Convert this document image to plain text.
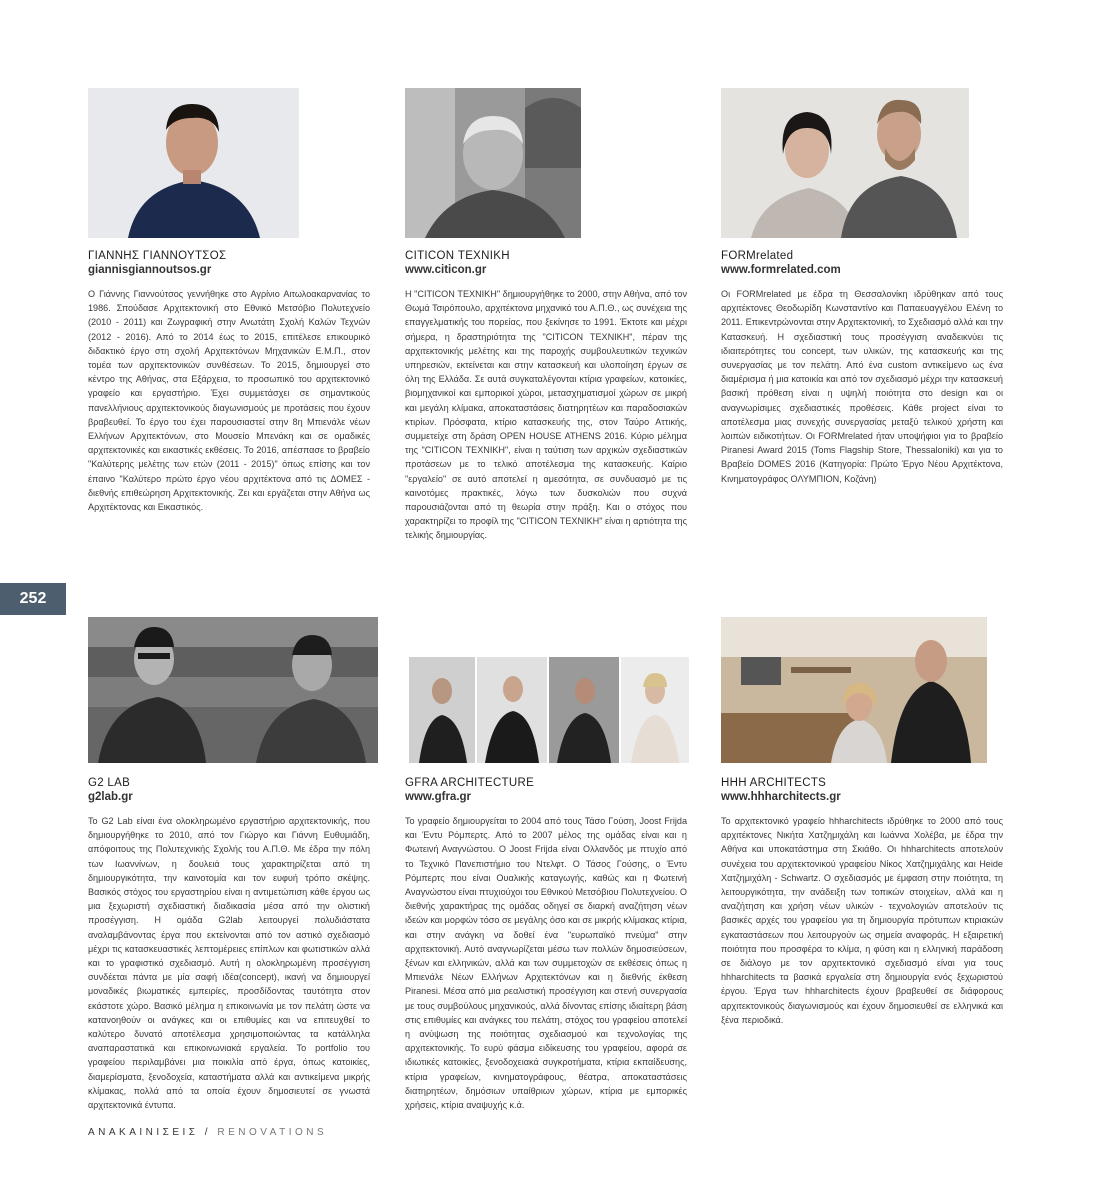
ΓΙΑΝΝΗΣ ΓΙΑΝΝΟΥΤΣΟΣ
giannisgiannoutsos.gr

Ο Γιάννης Γιαννούτσος γεννήθηκε στο Αγρίνιο Αιτωλοακαρνανίας το 1986. Σπούδασε Αρχιτεκτονική στο Εθνικό Μετσόβιο Πολυτεχνείο (2010 - 2011) και Ζωγραφική στην Ανωτάτη Σχολή Καλών Τεχνών (2012 - 2016). Από το 2014 έως το 2015, επιτέλεσε επικουρικό διδακτικό έργο στη σχολή Αρχιτεκτόνων Μηχανικών Ε.Μ.Π., στον τομέα των αρχιτεκτονικών συνθέσεων. Το 2015, δημιουργεί στο κέντρο της Αθήνας, στα Εξάρχεια, το προσωπικό του αρχιτεκτονικό γραφείο και εργαστήριο. Έχει συμμετάσχει σε σημαντικούς πανελλήνιους αρχιτεκτονικούς διαγωνισμούς με προτάσεις που έχουν βραβευθεί. Το έργο του έχει παρουσιαστεί στην 8η Μπιενάλε νέων Ελλήνων Αρχιτεκτόνων, στο Μουσείο Μπενάκη και σε ομαδικές αρχιτεκτονικές και εικαστικές εκθέσεις. Το 2016, απέσπασε το βραβείο "Καλύτερης μελέτης των ετών (2011 - 2015)" όπως επίσης και τον έπαινο "Καλύτερο πρώτο έργο νέου αρχιτέκτονα από τις ΔΟΜΕΣ - διεθνής επιθεώρηση Αρχιτεκτονικής. Ζει και εργάζεται στην Αθήνα ως Αρχιτέκτονας και Εικαστικός.

CITICON ΤΕΧΝΙΚΗ
www.citicon.gr

Η "CITICON ΤΕΧΝΙΚΗ" δημιουργήθηκε το 2000, στην Αθήνα, από τον Θωμά Τσιρόπουλο, αρχιτέκτονα μηχανικό του Α.Π.Θ., ως συνέχεια της επαγγελματικής του πορείας, που ξεκίνησε το 1991. Έκτοτε και μέχρι σήμερα, η δραστηριότητα της "CITICON ΤΕΧΝΙΚΗ", πέραν της αρχιτεκτονικής μελέτης και της παροχής συμβουλευτικών τεχνικών υπηρεσιών, εκτείνεται και στην κατασκευή και υλοποίηση έργων σε όλη της Ελλάδα. Σε αυτά συγκαταλέγονται κτίρια γραφείων, κατοικίες, βιομηχανικοί και εμπορικοί χώροι, μετασχηματισμοί χώρων σε μικρή και μεγάλη κλίμακα, αποκαταστάσεις διατηρητέων και παραδοσιακών κτιρίων. Πρόσφατα, κτίριο κατασκευής της, στον Ταύρο Αττικής, συμμετείχε στη δράση OPEN HOUSE ATHENS 2016. Κύριο μέλημα της "CITICON ΤΕΧΝΙΚΗ", είναι η ταύτιση των αρχικών σχεδιαστικών προτάσεων με το τελικό αποτέλεσμα της κατασκευής. Καίριο "εργαλείο" σε αυτό αποτελεί η αμεσότητα, σε συνδυασμό με τις καινοτόμες πρακτικές, λόγω των δυσκολιών που συχνά παρουσιάζονται από τη θεωρία στην πράξη. Και ο στόχος που χαρακτηρίζει το προφίλ της "CITICON ΤΕΧΝΙΚΗ" είναι η αρτιότητα της τελικής δημιουργίας.

FORMrelated
www.formrelated.com

Οι FORMrelated με έδρα τη Θεσσαλονίκη ιδρύθηκαν από τους αρχιτέκτονες Θεοδωρίδη Κωνσταντίνο και Παπαευαγγέλου Ελένη το 2011. Επικεντρώνονται στην Αρχιτεκτονική, το Σχεδιασμό αλλά και την Κατασκευή. Η σχεδιαστική τους προσέγγιση αναδεικνύει τις ιδιαιτερότητες του concept, των υλικών, της κατασκευής και της συνεργασίας με τον πελάτη. Από ένα custom αντικείμενο ως ένα διαμέρισμα ή μια κατοικία και από τον σχεδιασμό μέχρι την κατασκευή βασική πρόθεση είναι η υψηλή ποιότητα στο design και οι αναγνωρίσιμες σχεδιαστικές προθέσεις. Κάθε project είναι το αποτέλεσμα μιας συνεχής συνεργασίας μεταξύ τελικού χρήστη και λοιπών ειδικοτήτων. Οι FORMrelated ήταν υποψήφιοι για το βραβείο Piranesi Award 2015 (Toms Flagship Store, Thessaloniki) και για το Βραβείο DOMES 2016 (Κατηγορία: Πρώτο Έργο Νέου Αρχιτέκτονα, Κινηματογράφος ΟΛΥΜΠΙΟΝ, Κοζάνη)

252
G2 LAB
g2lab.gr

Το G2 Lab είναι ένα ολοκληρωμένο εργαστήριο αρχιτεκτονικής, που δημιουργήθηκε το 2010, από τον Γιώργο και Γιάννη Ευθυμιάδη, απόφοιτους της Πολυτεχνικής Σχολής του Α.Π.Θ. Με έδρα την πόλη των Ιωαννίνων, η δουλειά τους χαρακτηρίζεται από τη δημιουργικότητα, την καινοτομία και τον ευφυή τρόπο σκέψης. Βασικός στόχος του εργαστηρίου είναι η αντιμετώπιση κάθε έργου ως μια ξεχωριστή σχεδιαστική διαδικασία μέσα από την ολιστική προσέγγιση. Η ομάδα G2lab λειτουργεί πολυδιάστατα αναλαμβάνοντας έργα που εκτείνονται από τον αστικό σχεδιασμό μέχρι τις κατασκευαστικές λεπτομέρειες επίπλων και φωτιστικών αλλά και το γραφιστικό σχεδιασμό. Αυτή η ολοκληρωμένη προσέγγιση συνδέεται πάντα με μία σαφή ιδέα(concept), ικανή να δημιουργεί μοναδικές βιωματικές εμπειρίες, προσδίδοντας ταυτότητα στον εκάστοτε χώρο. Βασικό μέλημα η επικοινωνία με τον πελάτη ώστε να κατανοηθούν οι ανάγκες και οι επιθυμίες και να επιτευχθεί το καλύτερο δυνατό αποτέλεσμα χρησιμοποιώντας τα κατάλληλα αναπαραστατικά και επικοινωνιακά εργαλεία. Το portfolio του γραφείου περιλαμβάνει μια ποικιλία από έργα, όπως κατοικίες, διαμερίσματα, ξενοδοχεία, καταστήματα αλλά και αντικείμενα μικρής κλίμακας, πολλά από τα οποία έχουν δημοσιευτεί σε γνωστά αρχιτεκτονικά έντυπα.

GFRA ARCHITECTURE
www.gfra.gr

Το γραφείο δημιουργείται το 2004 από τους Τάσο Γούση, Joost Frijda και Έντυ Ρόμπερτς. Από το 2007 μέλος της ομάδας είναι και η Φωτεινή Αναγνώστου. Ο Joost Frijda είναι Ολλανδός με πτυχίο από το Τεχνικό Πανεπιστήμιο του Ντελφτ. Ο Τάσος Γούσης, ο Έντυ Ρόμπερτς που είναι Ουαλικής καταγωγής, καθώς και η Φωτεινή Αναγνώστου είναι πτυχιούχοι του Εθνικού Μετσόβιου Πολυτεχνείου. Ο διεθνής χαρακτήρας της ομάδας οδηγεί σε διαρκή αναζήτηση νέων ιδεών και μορφών τόσο σε μεγάλης όσο και σε μικρής κλίμακας κτίρια, και στην ανάγκη να δοθεί ένα "ευρωπαϊκό πνεύμα" στην αρχιτεκτονική. Αυτό αναγνωρίζεται μέσω των πολλών δημοσιεύσεων, ξένων και ελληνικών, αλλά και των συμμετοχών σε εκθέσεις όπως η Μπιενάλε Νέων Ελλήνων Αρχιτεκτόνων και η διεθνής έκθεση Piranesi. Μέσα από μια ρεαλιστική προσέγγιση και στενή συνεργασία με τους συμβούλους μηχανικούς, αλλά δίνοντας επίσης ιδιαίτερη βάση στις επιθυμίες και ανάγκες του πελάτη, στόχος του γραφείου αποτελεί η ανύψωση της ποιότητας σχεδιασμού και τεχνολογίας της αρχιτεκτονικής. Το ευρύ φάσμα ειδίκευσης του γραφείου, αφορά σε ιδιωτικές κατοικίες, ξενοδοχειακά συγκροτήματα, κτίρια εκπαίδευσης, κτίρια γραφείων, κινηματογράφους, θέατρα, αποκαταστάσεις διατηρητέων, δημόσιων υπαίθριων χώρων, κτίρια με εμπορικές χρήσεις, κτίρια αναψυχής κ.ά.

HHH ARCHITECTS
www.hhharchitects.gr

Το αρχιτεκτονικό γραφείο hhharchitects ιδρύθηκε το 2000 από τους αρχιτέκτονες Νικήτα Χατζημιχάλη και Ιωάννα Χολέβα, με έδρα την Αθήνα και υποκατάστημα στη Σκιάθο. Οι hhharchitects αποτελούν συνέχεια του αρχιτεκτονικού γραφείου Νίκος Χατζημιχάλης και Heide Χατζημιχάλη - Schwartz. Ο σχεδιασμός με έμφαση στην ποιότητα, τη λειτουργικότητα, την ανάδειξη των τοπικών στοιχείων, αλλά και η αναζήτηση και χρήση νέων υλικών - τεχνολογιών αποτελούν τις βασικές αρχές του γραφείου για τη δημιουργία πρότυπων κτιριακών εγκαταστάσεων που λειτουργούν ως σημεία αναφοράς. Η εξαιρετική ποιότητα που προσφέρα το κλίμα, η φύση και η ελληνική παράδοση σε διάλογο με τον αρχιτεκτονικό σχεδιασμό είναι για τους hhharchitects τα βασικά εργαλεία στη δημιουργία ενός ξεχωριστού έργου. Έργα των hhharchitects έχουν βραβευθεί σε διάφορους αρχιτεκτονικούς διαγωνισμούς και έχουν δημοσιευθεί σε ελληνικά και ξένα περιοδικά.

ΑΝΑΚΑΙΝΙΣΕΙΣ / RENOVATIONS
